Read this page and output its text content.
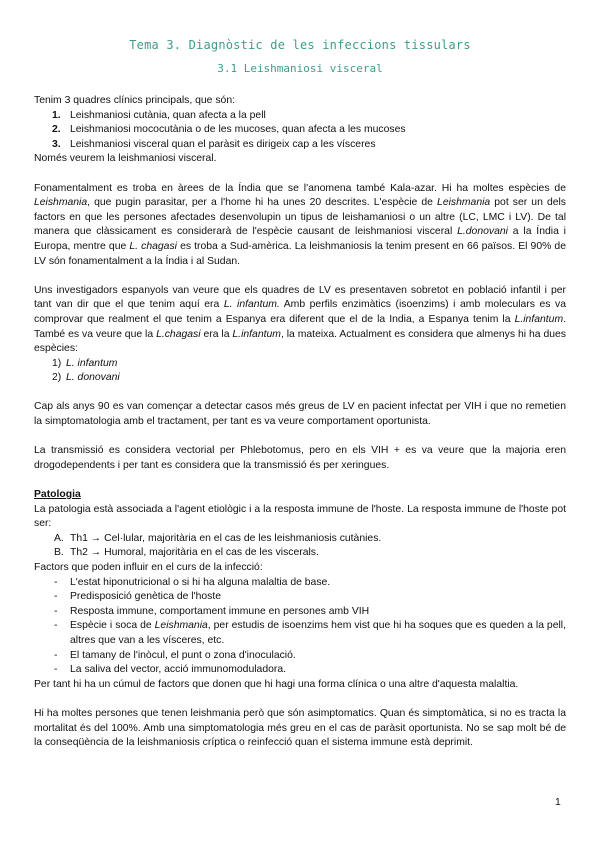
Tema 3. Diagnòstic de les infeccions tissulars
3.1 Leishmaniosi visceral

Tenim 3 quadres clínics principals, que són:

1. Leishmaniosi cutània, quan afecta a la pell
2. Leishmaniosi mococutània o de les mucoses, quan afecta a les mucoses
3. Leishmaniosi visceral quan el paràsit es dirigeix cap a les vísceres

Només veurem la leishmaniosi visceral.

Fonamentalment es troba en àrees de la Índia que se l'anomena també Kala-azar. Hi ha moltes espècies de Leishmania, que pugin parasitar, per a l'home hi ha unes 20 descrites. L'espècie de Leishmania pot ser un dels factors en que les persones afectades desenvolupin un tipus de leishamaniosi o un altre (LC, LMC i LV). De tal manera que clàssicament es considerarà de l'espècie causant de leishmaniosi visceral L.donovani a la Índia i Europa, mentre que L. chagasi es troba a Sud-amèrica. La leishmaniosis la tenim present en 66 països. El 90% de LV són fonamentalment a la Índia i al Sudan.

Uns investigadors espanyols van veure que els quadres de LV es presentaven sobretot en població infantil i per tant van dir que el que tenim aquí era L. infantum. Amb perfils enzimàtics (isoenzims) i amb moleculars es va comprovar que realment el que tenim a Espanya era diferent que el de la India, a Espanya tenim la L.infantum. També es va veure que la L.chagasi era la L.infantum, la mateixa. Actualment es considera que almenys hi ha dues espècies:

1) L. infantum
2) L. donovani

Cap als anys 90 es van començar a detectar casos més greus de LV en pacient infectat per VIH i que no remetien la simptomatologia amb el tractament, per tant es va veure comportament oportunista.

La transmissió es considera vectorial per Phlebotomus, pero en els VIH + es va veure que la majoria eren drogodependents i per tant es considera que la transmissió és per xeringues.

Patologia

La patologia està associada a l'agent etiològic i a la resposta immune de l'hoste. La resposta immune de l'hoste pot ser:

A. Th1 → Cel·lular, majoritària en el cas de les leishmaniosis cutànies.
B. Th2 → Humoral, majoritària en el cas de les viscerals.

Factors que poden influir en el curs de la infecció:

- L'estat hiponutricional o si hi ha alguna malaltia de base.
- Predisposició genètica de l'hoste
- Resposta immune, comportament immune en persones amb VIH
- Espècie i soca de Leishmania, per estudis de isoenzims hem vist que hi ha soques que es queden a la pell, altres que van a les vísceres, etc.
- El tamany de l'inòcul, el punt o zona d'inoculació.
- La saliva del vector, acció immunomoduladora.

Per tant hi ha un cúmul de factors que donen que hi hagi una forma clínica o una altre d'aquesta malaltia.

Hi ha moltes persones que tenen leishmania però que són asimptomatics. Quan és simptomàtica, si no es tracta la mortalitat és del 100%. Amb una simptomatologia més greu en el cas de paràsit oportunista. No se sap molt bé de la conseqüència de la leishmaniosis críptica o reinfecció quan el sistema immune està deprimit.

1
